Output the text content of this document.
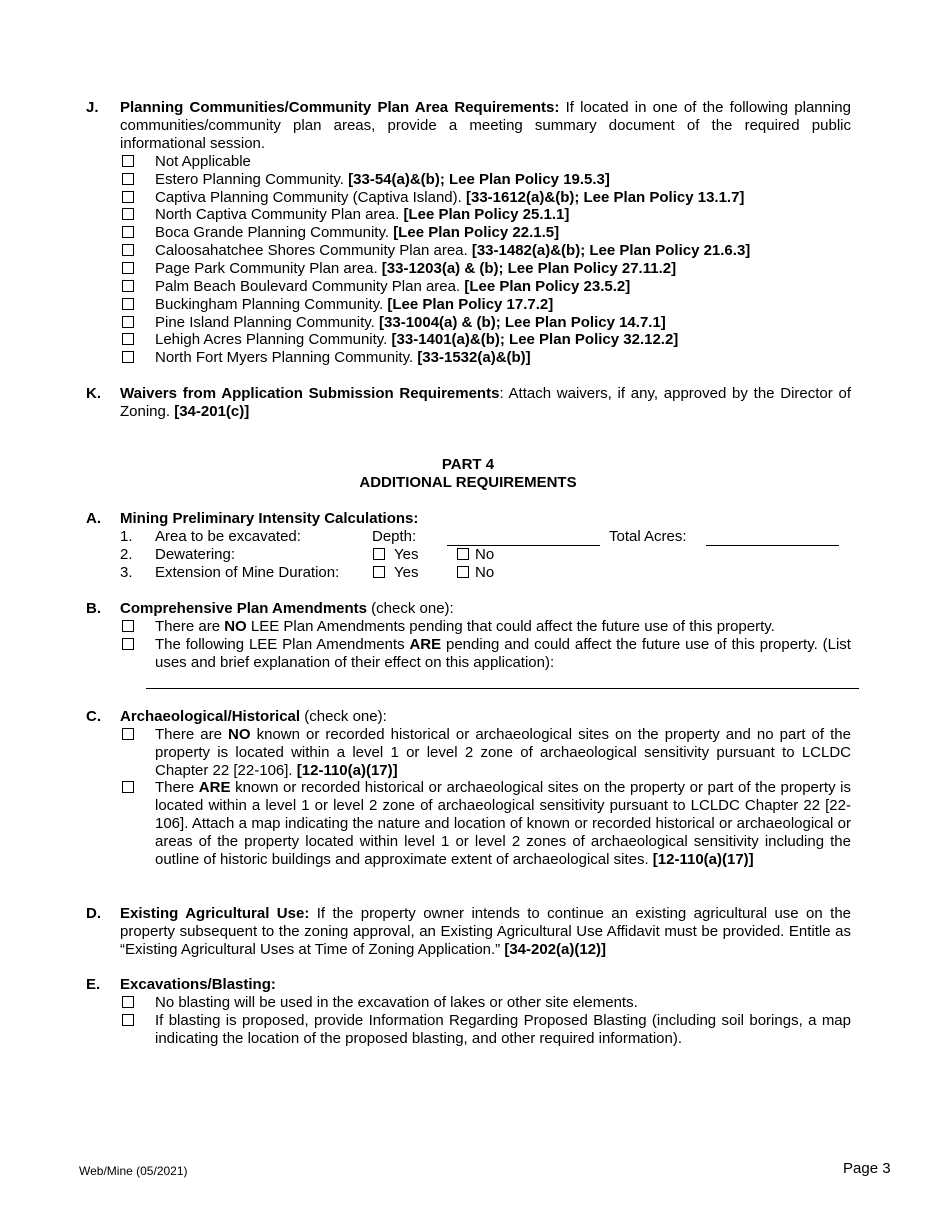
J. Planning Communities/Community Plan Area Requirements: If located in one of the following planning communities/community plan areas, provide a meeting summary document of the required public informational session.
Not Applicable
Estero Planning Community. [33-54(a)&(b); Lee Plan Policy 19.5.3]
Captiva Planning Community (Captiva Island). [33-1612(a)&(b); Lee Plan Policy 13.1.7]
North Captiva Community Plan area. [Lee Plan Policy 25.1.1]
Boca Grande Planning Community. [Lee Plan Policy 22.1.5]
Caloosahatchee Shores Community Plan area. [33-1482(a)&(b); Lee Plan Policy 21.6.3]
Page Park Community Plan area. [33-1203(a) & (b); Lee Plan Policy 27.11.2]
Palm Beach Boulevard Community Plan area. [Lee Plan Policy 23.5.2]
Buckingham Planning Community. [Lee Plan Policy 17.7.2]
Pine Island Planning Community. [33-1004(a) & (b); Lee Plan Policy 14.7.1]
Lehigh Acres Planning Community. [33-1401(a)&(b); Lee Plan Policy 32.12.2]
North Fort Myers Planning Community. [33-1532(a)&(b)]
K. Waivers from Application Submission Requirements: Attach waivers, if any, approved by the Director of Zoning. [34-201(c)]
PART 4
ADDITIONAL REQUIREMENTS
A. Mining Preliminary Intensity Calculations:
1. Area to be excavated:	Depth:	Total Acres:
2. Dewatering:	Yes	No
3. Extension of Mine Duration:	Yes	No
B. Comprehensive Plan Amendments (check one):
There are NO LEE Plan Amendments pending that could affect the future use of this property.
The following LEE Plan Amendments ARE pending and could affect the future use of this property. (List uses and brief explanation of their effect on this application):
C. Archaeological/Historical (check one):
There are NO known or recorded historical or archaeological sites on the property and no part of the property is located within a level 1 or level 2 zone of archaeological sensitivity pursuant to LCLDC Chapter 22 [22-106]. [12-110(a)(17)]
There ARE known or recorded historical or archaeological sites on the property or part of the property is located within a level 1 or level 2 zone of archaeological sensitivity pursuant to LCLDC Chapter 22 [22-106]. Attach a map indicating the nature and location of known or recorded historical or archaeological or areas of the property located within level 1 or level 2 zones of archaeological sensitivity including the outline of historic buildings and approximate extent of archaeological sites. [12-110(a)(17)]
D. Existing Agricultural Use: If the property owner intends to continue an existing agricultural use on the property subsequent to the zoning approval, an Existing Agricultural Use Affidavit must be provided. Entitle as “Existing Agricultural Uses at Time of Zoning Application.” [34-202(a)(12)]
E. Excavations/Blasting:
No blasting will be used in the excavation of lakes or other site elements.
If blasting is proposed, provide Information Regarding Proposed Blasting (including soil borings, a map indicating the location of the proposed blasting, and other required information).
Web/Mine (05/2021)	Page 3
